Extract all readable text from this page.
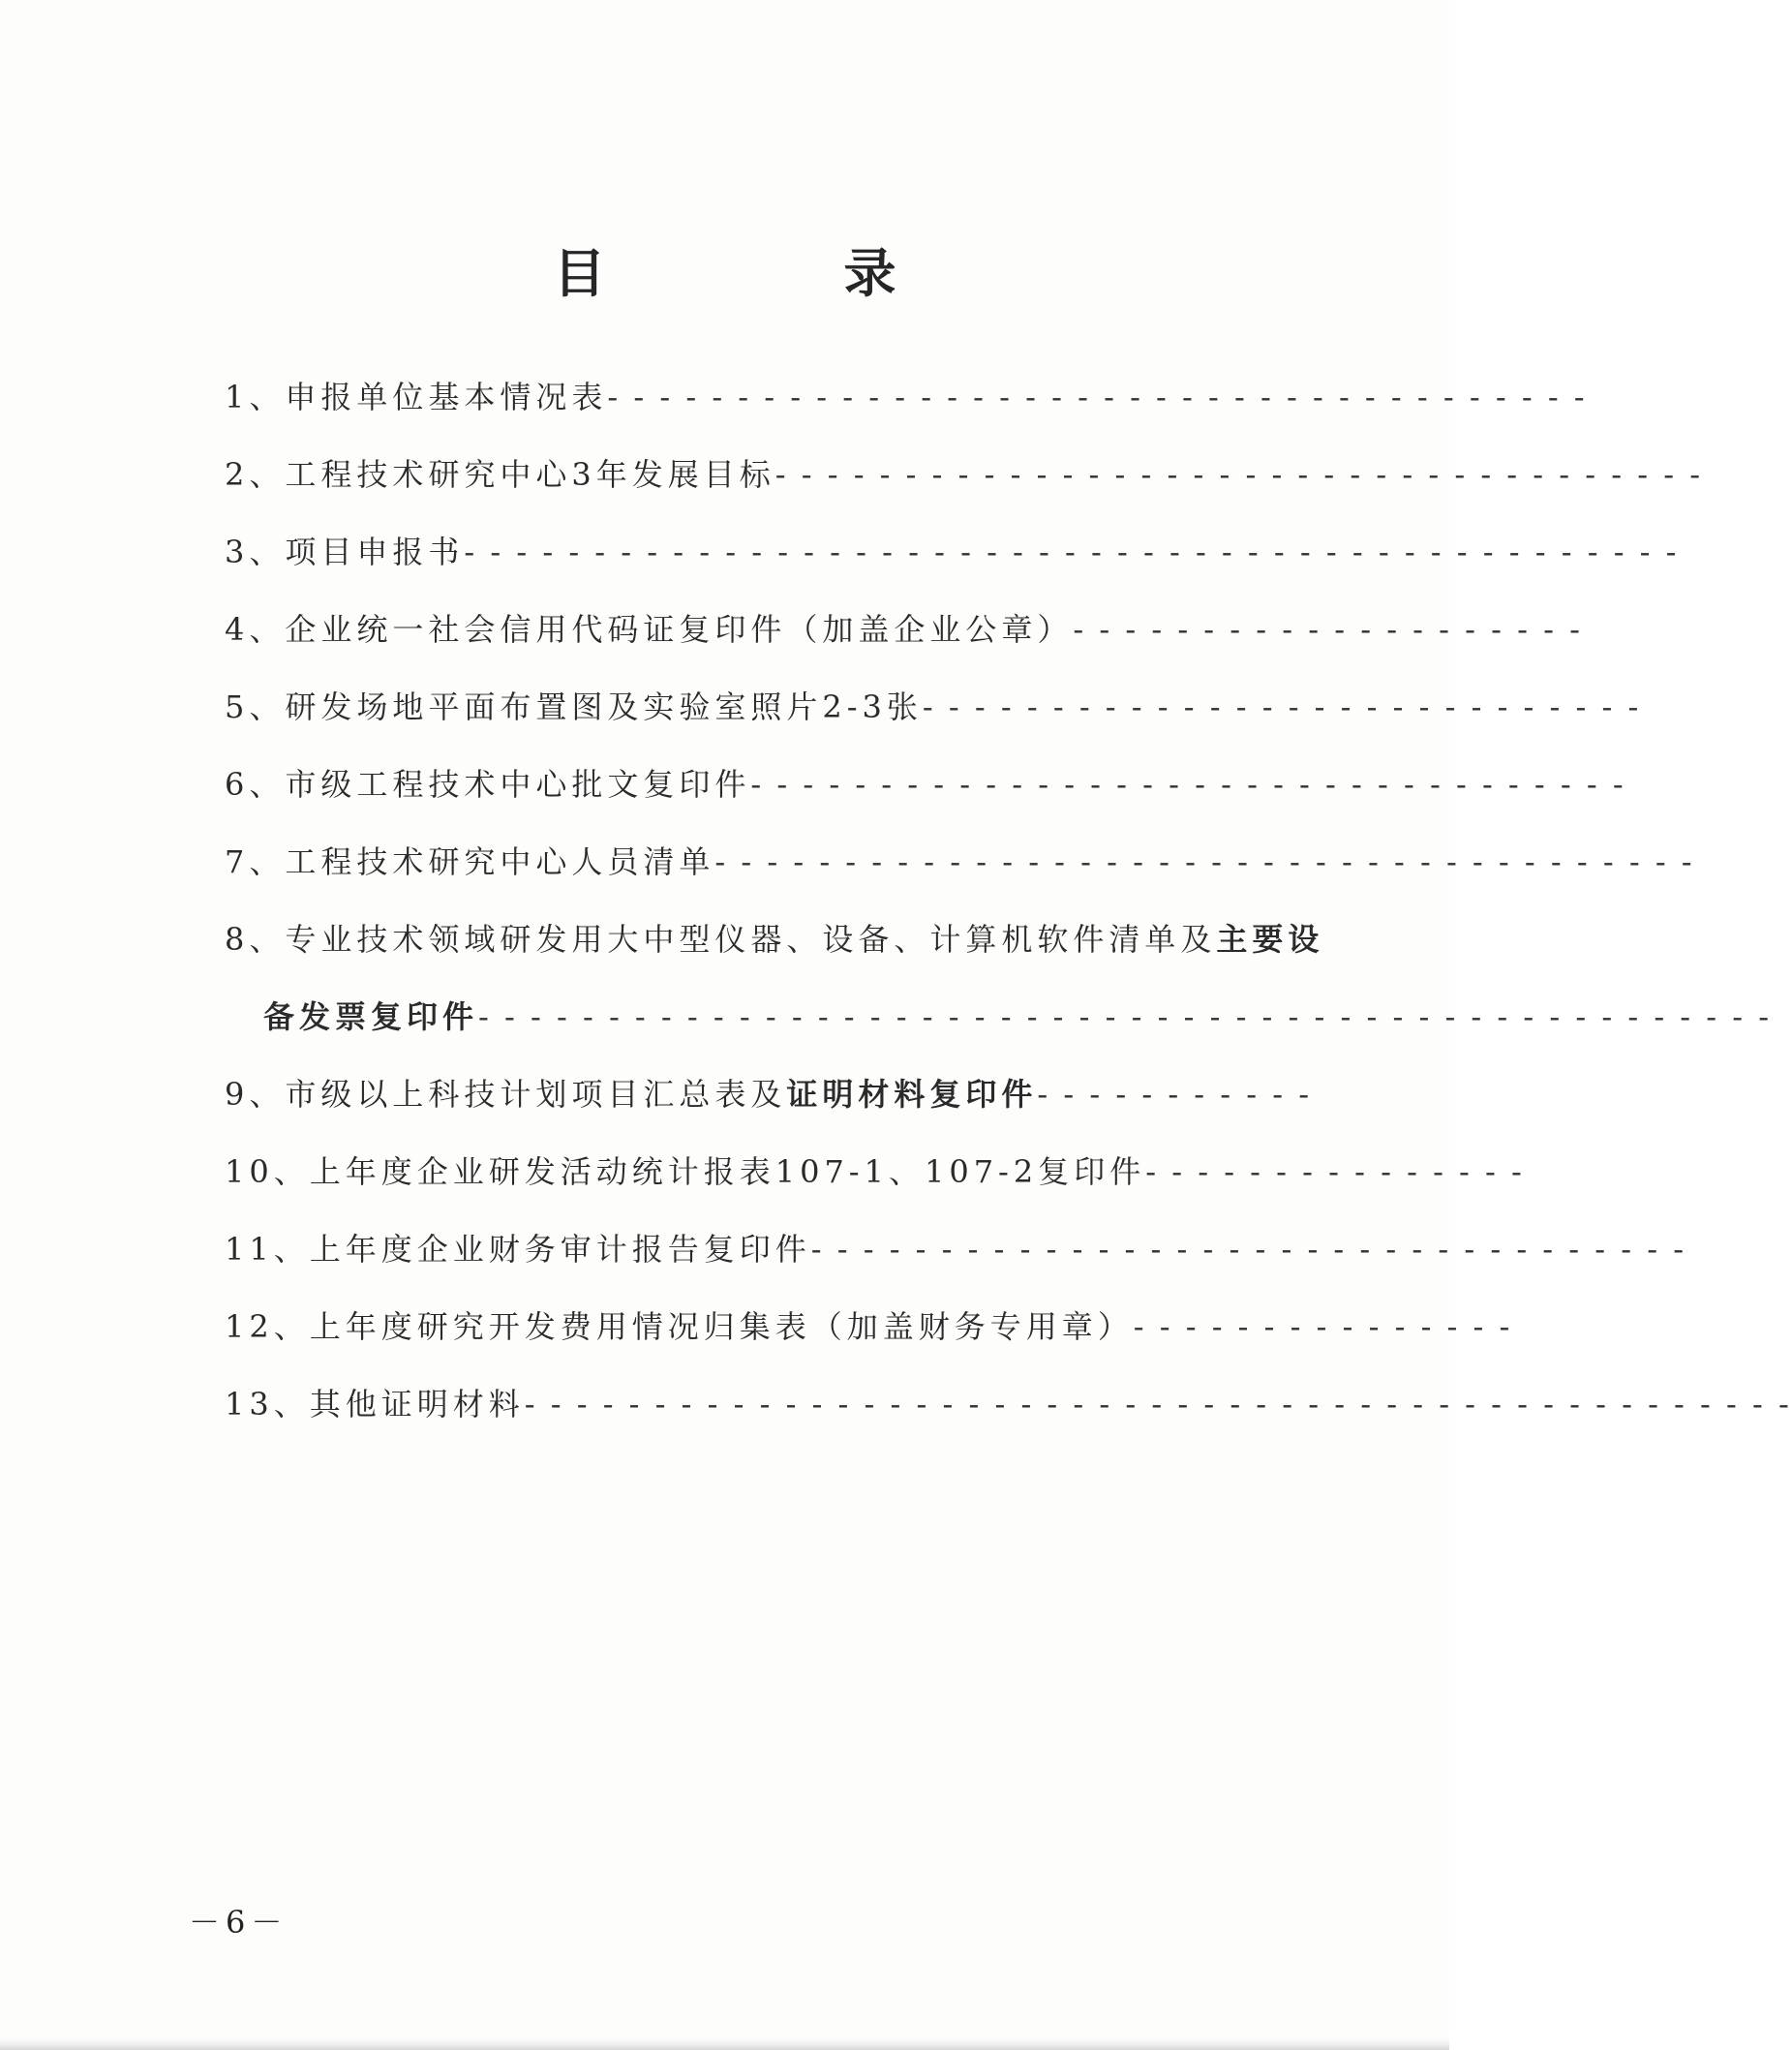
目　录
1、申报单位基本情况表 - - - - - - - - - - - - - - - - - - - - - - - - - - - - - - - - - - - - - -
2、工程技术研究中心3年发展目标 - - - - - - - - - - - - - - - - - - - - - - - - - - - - - - - - - - - -
3、项目申报书 - - - - - - - - - - - - - - - - - - - - - - - - - - - - - - - - - - - - - - - - - - - - - - -
4、企业统一社会信用代码证复印件（加盖企业公章） - - - - - - - - - - - - - - - - - - - -
5、研发场地平面布置图及实验室照片2-3张 - - - - - - - - - - - - - - - - - - - - - - - - - - - -
6、市级工程技术中心批文复印件 - - - - - - - - - - - - - - - - - - - - - - - - - - - - - - - - - -
7、工程技术研究中心人员清单 - - - - - - - - - - - - - - - - - - - - - - - - - - - - - - - - - - - - - -
8、专业技术领域研发用大中型仪器、设备、计算机软件清单及 主要设
备发票复印件 - - - - - - - - - - - - - - - - - - - - - - - - - - - - - - - - - - - - - - - - - - - - - - - - - -
9、市级以上科技计划项目汇总表及 证明材料复印件 - - - - - - - - - - -
10、上年度企业研发活动统计报表107-1、107-2复印件 - - - - - - - - - - - - - - -
11、上年度企业财务审计报告复印件 - - - - - - - - - - - - - - - - - - - - - - - - - - - - - - - - - -
12、上年度研究开发费用情况归集表（加盖财务专用章） - - - - - - - - - - - - - - -
13、其他证明材料 - - - - - - - - - - - - - - - - - - - - - - - - - - - - - - - - - - - - - - - - - - - - - - - - -
－6－
